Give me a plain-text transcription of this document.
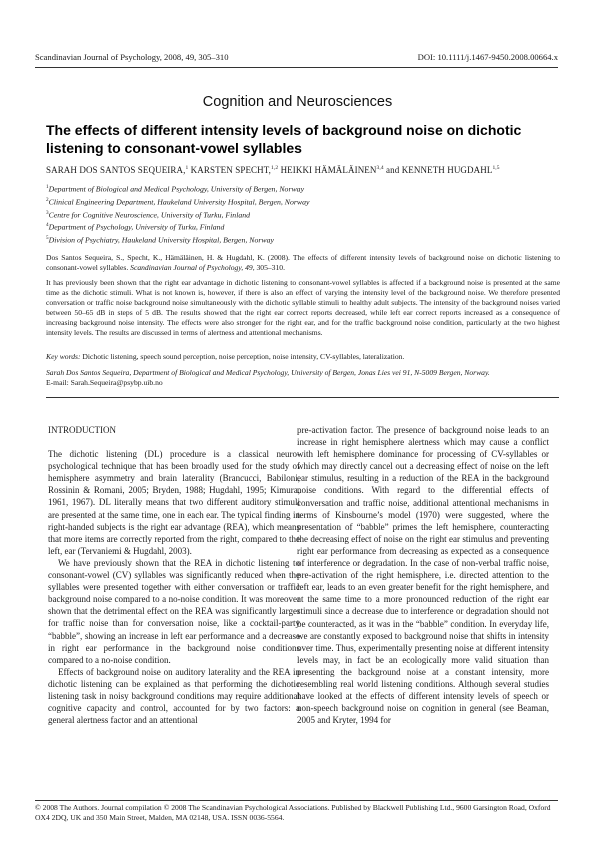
Scandinavian Journal of Psychology, 2008, 49, 305–310	DOI: 10.1111/j.1467-9450.2008.00664.x
Cognition and Neurosciences
The effects of different intensity levels of background noise on dichotic listening to consonant-vowel syllables
SARAH DOS SANTOS SEQUEIRA,$^1$ KARSTEN SPECHT,$^{1,2}$ HEIKKI HÄMÄLÄINEN$^{3,4}$ and KENNETH HUGDAHL$^{1,5}$
$^1$Department of Biological and Medical Psychology, University of Bergen, Norway
$^2$Clinical Engineering Department, Haukeland University Hospital, Bergen, Norway
$^3$Centre for Cognitive Neuroscience, University of Turku, Finland
$^4$Department of Psychology, University of Turku, Finland
$^5$Division of Psychiatry, Haukeland University Hospital, Bergen, Norway
Dos Santos Sequeira, S., Specht, K., Hämäläinen, H. & Hugdahl, K. (2008). The effects of different intensity levels of background noise on dichotic listening to consonant-vowel syllables. Scandinavian Journal of Psychology, 49, 305–310.
It has previously been shown that the right ear advantage in dichotic listening to consonant-vowel syllables is affected if a background noise is presented at the same time as the dichotic stimuli. What is not known is, however, if there is also an effect of varying the intensity level of the background noise. We therefore presented conversation or traffic noise background noise simultaneously with the dichotic syllable stimuli to healthy adult subjects. The intensity of the background noises varied between 50–65 dB in steps of 5 dB. The results showed that the right ear correct reports decreased, while left ear correct reports increased as a consequence of increasing background noise intensity. The effects were also stronger for the right ear, and for the traffic background noise condition, particularly at the two highest intensity levels. The results are discussed in terms of alertness and attentional mechanisms.
Key words: Dichotic listening, speech sound perception, noise perception, noise intensity, CV-syllables, lateralization.
Sarah Dos Santos Sequeira, Department of Biological and Medical Psychology, University of Bergen, Jonas Lies vei 91, N-5009 Bergen, Norway.
E-mail: Sarah.Sequeira@psybp.uib.no

INTRODUCTION

The dichotic listening (DL) procedure is a classical neuro-psychological technique that has been broadly used for the study of hemisphere asymmetry and brain laterality (Brancucci, Babiloni, Rossinin & Romani, 2005; Bryden, 1988; Hugdahl, 1995; Kimura, 1961, 1967). DL literally means that two different auditory stimuli are presented at the same time, one in each ear. The typical finding in right-handed subjects is the right ear advantage (REA), which means that more items are correctly reported from the right, compared to the left, ear (Tervaniemi & Hugdahl, 2003).

We have previously shown that the REA in dichotic listening to consonant-vowel (CV) syllables was significantly reduced when the syllables were presented together with either conversation or traffic background noise compared to a no-noise condition. It was moreover shown that the detrimental effect on the REA was significantly larger for traffic noise than for conversation noise, like a cocktail-party “babble”, showing an increase in left ear performance and a decrease in right ear performance in the background noise conditions compared to a no-noise condition.

Effects of background noise on auditory laterality and the REA in dichotic listening can be explained as that performing the dichotic listening task in noisy background conditions may require additional cognitive capacity and control, accounted for by two factors: a general alertness factor and an attentional

pre-activation factor. The presence of background noise leads to an increase in right hemisphere alertness which may cause a conflict with left hemisphere dominance for processing of CV-syllables or which may directly cancel out a decreasing effect of noise on the left ear stimulus, resulting in a reduction of the REA in the background noise conditions. With regard to the differential effects of conversation and traffic noise, additional attentional mechanisms in terms of Kinsbourne’s model (1970) were suggested, where the presentation of “babble” primes the left hemisphere, counteracting the decreasing effect of noise on the right ear stimulus and preventing right ear performance from decreasing as expected as a consequence of interference or degradation. In the case of non-verbal traffic noise, pre-activation of the right hemisphere, i.e. directed attention to the left ear, leads to an even greater benefit for the right hemisphere, and at the same time to a more pronounced reduction of the right ear stimuli since a decrease due to interference or degradation should not be counteracted, as it was in the “babble” condition. In everyday life, we are constantly exposed to background noise that shifts in intensity over time. Thus, experimentally presenting noise at different intensity levels may, in fact be an ecologically more valid situation than presenting the background noise at a constant intensity, more resembling real world listening conditions. Although several studies have looked at the effects of different intensity levels of speech or non-speech background noise on cognition in general (see Beaman, 2005 and Kryter, 1994 for

© 2008 The Authors. Journal compilation © 2008 The Scandinavian Psychological Associations. Published by Blackwell Publishing Ltd., 9600 Garsington Road, Oxford OX4 2DQ, UK and 350 Main Street, Malden, MA 02148, USA. ISSN 0036-5564.
